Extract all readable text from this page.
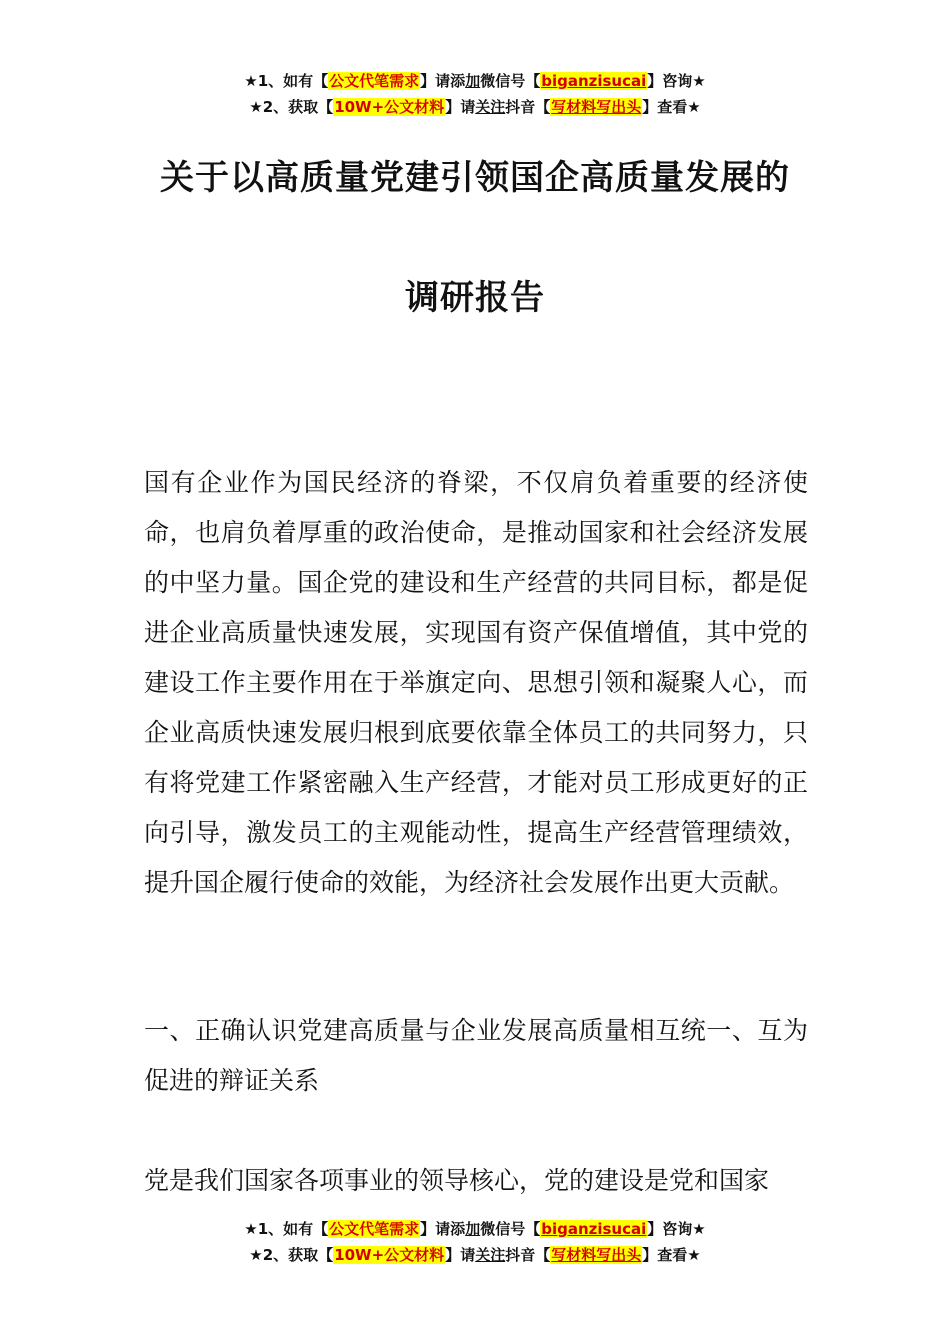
★1、如有【公文代笔需求】请添加微信号【biganzisucai】咨询★
★2、获取【10W+公文材料】请关注抖音【写材料写出头】查看★
关于以高质量党建引领国企高质量发展的
调研报告

国有企业作为国民经济的脊梁，不仅肩负着重要的经济使命，也肩负着厚重的政治使命，是推动国家和社会经济发展的中坚力量。国企党的建设和生产经营的共同目标，都是促进企业高质量快速发展，实现国有资产保值增值，其中党的建设工作主要作用在于举旗定向、思想引领和凝聚人心，而企业高质快速发展归根到底要依靠全体员工的共同努力，只有将党建工作紧密融入生产经营，才能对员工形成更好的正向引导，激发员工的主观能动性，提高生产经营管理绩效，提升国企履行使命的效能，为经济社会发展作出更大贡献。

一、正确认识党建高质量与企业发展高质量相互统一、互为促进的辩证关系

党是我们国家各项事业的领导核心，党的建设是党和国家

★1、如有【公文代笔需求】请添加微信号【biganzisucai】咨询★
★2、获取【10W+公文材料】请关注抖音【写材料写出头】查看★
